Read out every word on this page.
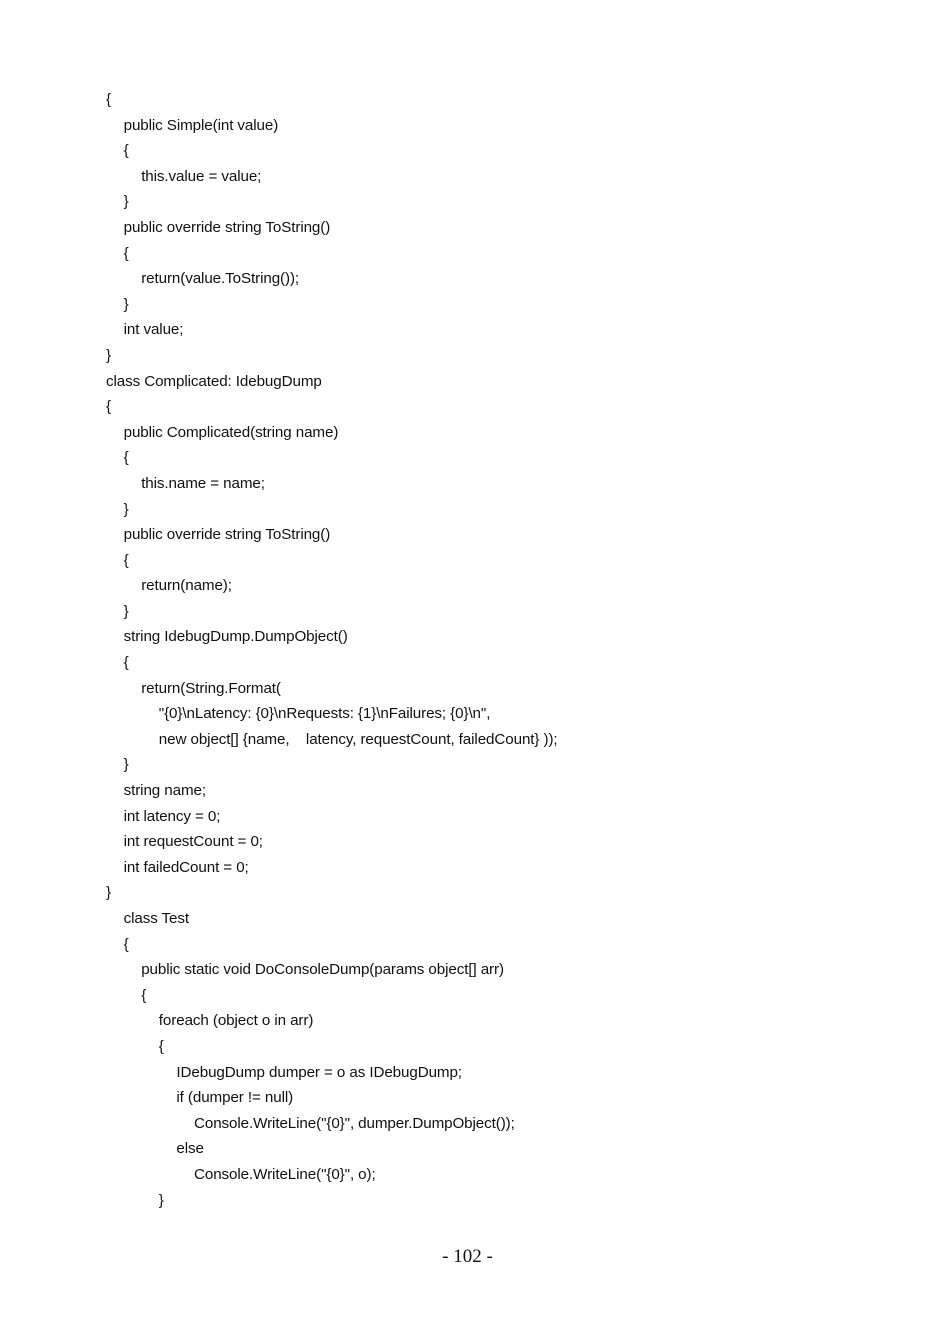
{
public Simple(int value)
{
this.value = value;
}
public override string ToString()
{
return(value.ToString());
}
int value;
}
class Complicated: IdebugDump
{
public Complicated(string name)
{
this.name = name;
}
public override string ToString()
{
return(name);
}
string IdebugDump.DumpObject()
{
return(String.Format(
"{0}\nLatency: {0}\nRequests: {1}\nFailures; {0}\n",
new object[] {name,    latency, requestCount, failedCount} ));
}
string name;
int latency = 0;
int requestCount = 0;
int failedCount = 0;
}
class Test
{
public static void DoConsoleDump(params object[] arr)
{
foreach (object o in arr)
{
IDebugDump dumper = o as IDebugDump;
if (dumper != null)
Console.WriteLine("{0}", dumper.DumpObject());
else
Console.WriteLine("{0}", o);
}
- 102 -
